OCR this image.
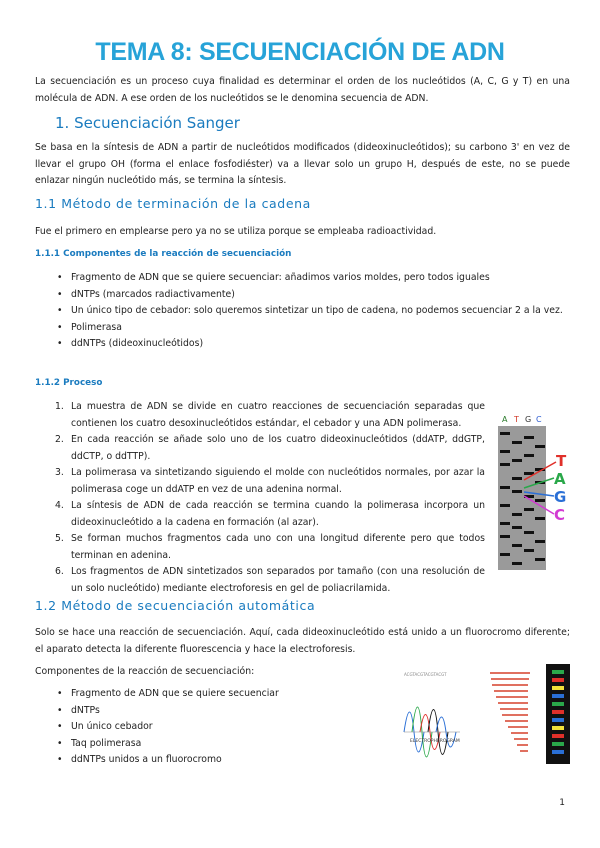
TEMA 8: SECUENCIACIÓN DE ADN
La secuenciación es un proceso cuya finalidad es determinar el orden de los nucleótidos (A, C, G y T) en una molécula de ADN. A ese orden de los nucleótidos se le denomina secuencia de ADN.
1. Secuenciación Sanger
Se basa en la síntesis de ADN a partir de nucleótidos modificados (dideoxinucleótidos); su carbono 3' en vez de llevar el grupo OH (forma el enlace fosfodiéster) va a llevar solo un grupo H, después de este, no se puede enlazar ningún nucleótido más, se termina la síntesis.
1.1 Método de terminación de la cadena
Fue el primero en emplearse pero ya no se utiliza porque se empleaba radioactividad.
1.1.1 Componentes de la reacción de secuenciación
• Fragmento de ADN que se quiere secuenciar: añadimos varios moldes, pero todos iguales
• dNTPs (marcados radiactivamente)
• Un único tipo de cebador: solo queremos sintetizar un tipo de cadena, no podemos secuenciar 2 a la vez.
• Polimerasa
• ddNTPs (dideoxinucleótidos)
1.1.2 Proceso
1. La muestra de ADN se divide en cuatro reacciones de secuenciación separadas que contienen los cuatro desoxinucleótidos estándar, el cebador y una ADN polimerasa.
2. En cada reacción se añade solo uno de los cuatro dideoxinucleótidos (ddATP, ddGTP, ddCTP, o ddTTP).
3. La polimerasa va sintetizando siguiendo el molde con nucleótidos normales, por azar la polimerasa coge un ddATP en vez de una adenina normal.
4. La síntesis de ADN de cada reacción se termina cuando la polimerasa incorpora un dideoxinucleótido a la cadena en formación (al azar).
5. Se forman muchos fragmentos cada uno con una longitud diferente pero que todos terminan en adenina.
6. Los fragmentos de ADN sintetizados son separados por tamaño (con una resolución de un solo nucleótido) mediante electroforesis en gel de poliacrilamida.
A T G C
T
A
G
C
1.2 Método de secuenciación automática
Solo se hace una reacción de secuenciación. Aquí, cada dideoxinucleótido está unido a un fluorocromo diferente; el aparato detecta la diferente fluorescencia y hace la electroforesis.
Componentes de la reacción de secuenciación:
• Fragmento de ADN que se quiere secuenciar
• dNTPs
• Un único cebador
• Taq polimerasa
• ddNTPs unidos a un fluorocromo
ACGTACGTACGTACGT
ELECTROPHEROGRAM
1
